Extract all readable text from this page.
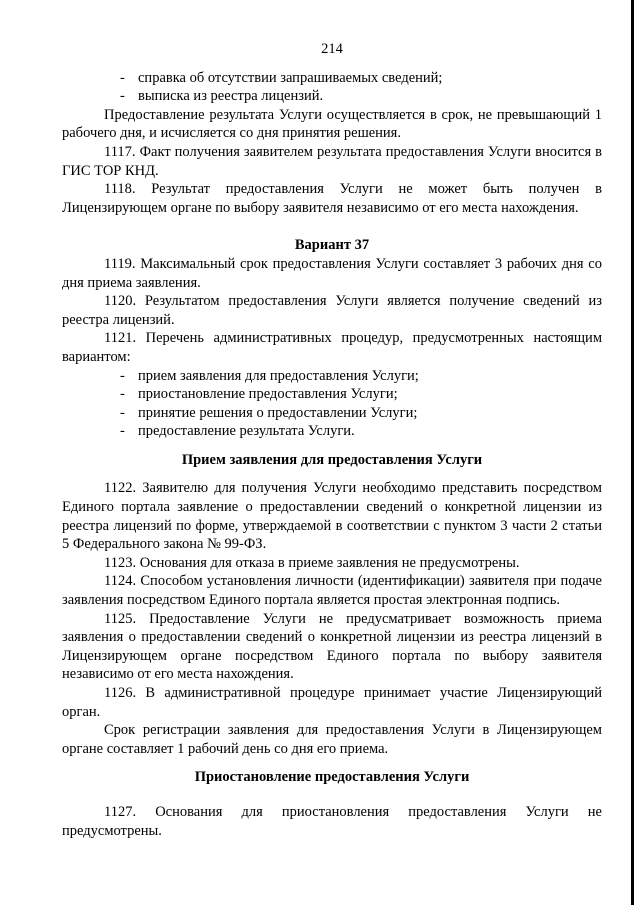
214
- справка об отсутствии запрашиваемых сведений;
- выписка из реестра лицензий.

Предоставление результата Услуги осуществляется в срок, не превышающий 1 рабочего дня, и исчисляется со дня принятия решения.

1117. Факт получения заявителем результата предоставления Услуги вносится в ГИС ТОР КНД.

1118. Результат предоставления Услуги не может быть получен в Лицензирующем органе по выбору заявителя независимо от его места нахождения.

Вариант 37

1119. Максимальный срок предоставления Услуги составляет 3 рабочих дня со дня приема заявления.

1120. Результатом предоставления Услуги является получение сведений из реестра лицензий.

1121. Перечень административных процедур, предусмотренных настоящим вариантом:

- прием заявления для предоставления Услуги;
- приостановление предоставления Услуги;
- принятие решения о предоставлении Услуги;
- предоставление результата Услуги.

Прием заявления для предоставления Услуги

1122. Заявителю для получения Услуги необходимо представить посредством Единого портала заявление о предоставлении сведений о конкретной лицензии из реестра лицензий по форме, утверждаемой в соответствии с пунктом 3 части 2 статьи 5 Федерального закона № 99-ФЗ.

1123. Основания для отказа в приеме заявления не предусмотрены.

1124. Способом установления личности (идентификации) заявителя при подаче заявления посредством Единого портала является простая электронная подпись.

1125. Предоставление Услуги не предусматривает возможность приема заявления о предоставлении сведений о конкретной лицензии из реестра лицензий в Лицензирующем органе посредством Единого портала по выбору заявителя независимо от его места нахождения.

1126. В административной процедуре принимает участие Лицензирующий орган.

Срок регистрации заявления для предоставления Услуги в Лицензирующем органе составляет 1 рабочий день со дня его приема.

Приостановление предоставления Услуги

1127. Основания для приостановления предоставления Услуги не предусмотрены.
